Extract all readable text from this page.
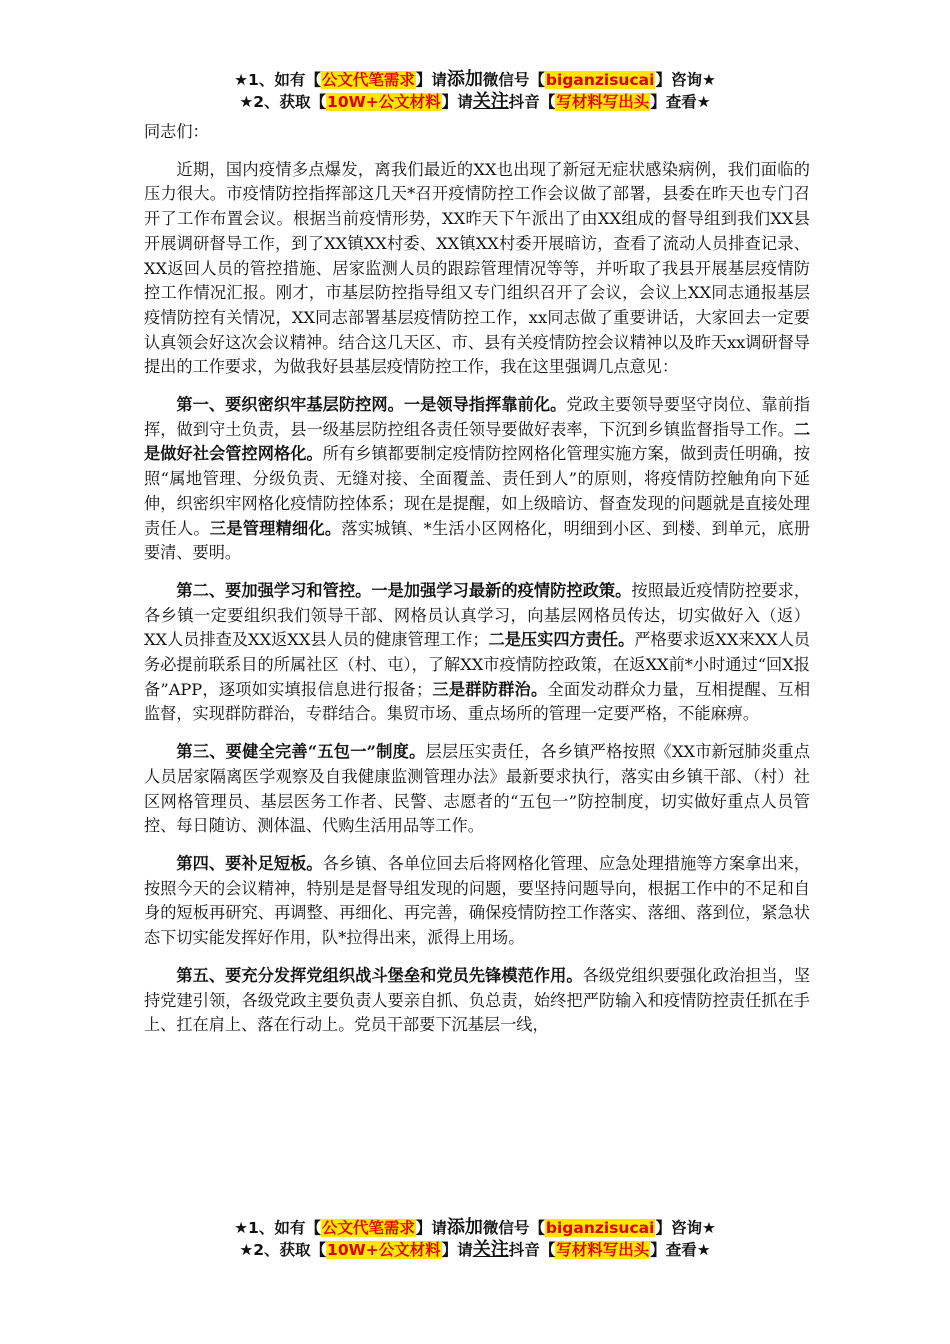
★1、如有【公文代笔需求】请添加微信号【biganzisucai】咨询★
★2、获取【10W+公文材料】请关注抖音【写材料写出头】查看★

同志们：

近期，国内疫情多点爆发，离我们最近的XX也出现了新冠无症状感染病例，我们面临的压力很大。市疫情防控指挥部这几天*召开疫情防控工作会议做了部署，县委在昨天也专门召开了工作布置会议。根据当前疫情形势，XX昨天下午派出了由XX组成的督导组到我们XX县开展调研督导工作，到了XX镇XX村委、XX镇XX村委开展暗访，查看了流动人员排查记录、XX返回人员的管控措施、居家监测人员的跟踪管理情况等等，并听取了我县开展基层疫情防控工作情况汇报。刚才，市基层防控指导组又专门组织召开了会议，会议上XX同志通报基层疫情防控有关情况，XX同志部署基层疫情防控工作，xx同志做了重要讲话，大家回去一定要认真领会好这次会议精神。结合这几天区、市、县有关疫情防控会议精神以及昨天xx调研督导提出的工作要求，为做我好县基层疫情防控工作，我在这里强调几点意见：

第一、要织密织牢基层防控网。一是领导指挥靠前化。党政主要领导要坚守岗位、靠前指挥，做到守土负责，县一级基层防控组各责任领导要做好表率，下沉到乡镇监督指导工作。二是做好社会管控网格化。所有乡镇都要制定疫情防控网格化管理实施方案，做到责任明确，按照“属地管理、分级负责、无缝对接、全面覆盖、责任到人”的原则，将疫情防控触角向下延伸，织密织牢网格化疫情防控体系；现在是提醒，如上级暗访、督查发现的问题就是直接处理责任人。三是管理精细化。落实城镇、*生活小区网格化，明细到小区、到楼、到单元，底册要清、要明。

第二、要加强学习和管控。一是加强学习最新的疫情防控政策。按照最近疫情防控要求，各乡镇一定要组织我们领导干部、网格员认真学习，向基层网格员传达，切实做好入（返）XX人员排查及XX返XX县人员的健康管理工作；二是压实四方责任。严格要求返XX来XX人员务必提前联系目的所属社区（村、屯），了解XX市疫情防控政策，在返XX前*小时通过“回X报备”APP，逐项如实填报信息进行报备；三是群防群治。全面发动群众力量，互相提醒、互相监督，实现群防群治，专群结合。集贸市场、重点场所的管理一定要严格，不能麻痹。

第三、要健全完善“五包一”制度。层层压实责任，各乡镇严格按照《XX市新冠肺炎重点人员居家隔离医学观察及自我健康监测管理办法》最新要求执行，落实由乡镇干部、（村）社区网格管理员、基层医务工作者、民警、志愿者的“五包一”防控制度，切实做好重点人员管控、每日随访、测体温、代购生活用品等工作。

第四、要补足短板。各乡镇、各单位回去后将网格化管理、应急处理措施等方案拿出来，按照今天的会议精神，特别是是督导组发现的问题，要坚持问题导向，根据工作中的不足和自身的短板再研究、再调整、再细化、再完善，确保疫情防控工作落实、落细、落到位，紧急状态下切实能发挥好作用，队*拉得出来，派得上用场。

第五、要充分发挥党组织战斗堡垒和党员先锋模范作用。各级党组织要强化政治担当，坚持党建引领，各级党政主要负责人要亲自抓、负总责，始终把严防输入和疫情防控责任抓在手上、扛在肩上、落在行动上。党员干部要下沉基层一线，

★1、如有【公文代笔需求】请添加微信号【biganzisucai】咨询★
★2、获取【10W+公文材料】请关注抖音【写材料写出头】查看★
